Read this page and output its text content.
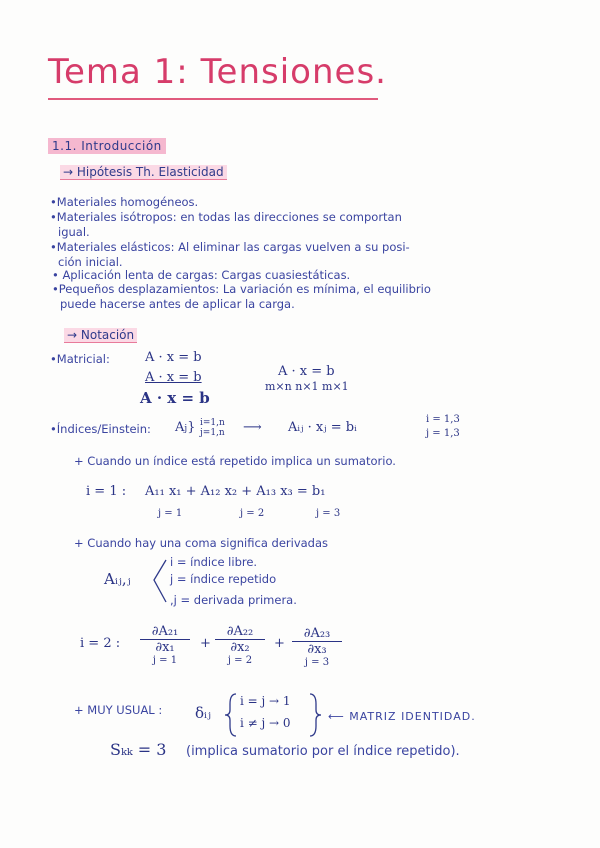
Tema 1: Tensiones.
1.1. Introducción
→ Hipótesis Th. Elasticidad
•Materiales homogéneos.
•Materiales isótropos: en todas las direcciones se comportan
igual.
•Materiales elásticos: Al eliminar las cargas vuelven a su posi-
ción inicial.
• Aplicación lenta de cargas: Cargas cuasiestáticas.
•Pequeños desplazamientos: La variación es mínima, el equilibrio
puede hacerse antes de aplicar la carga.
→ Notación
•Matricial:	A · x = b
A · x = b
A · x = b
A · x = b
m×n n×1 m×1
•Índices/Einstein: Aj} i=1,n j=1,n	⟶ Aᵢⱼ · xⱼ = bᵢ
i = 1,3
j = 1,3
+ Cuando un índice está repetido implica un sumatorio.
i = 1 : A₁₁ x₁ + A₁₂ x₂ + A₁₃ x₃ = b₁
j = 1	j = 2	j = 3
+ Cuando hay una coma significa derivadas
Aᵢⱼ,ⱼ
i = índice libre.
j = índice repetido
,j = derivada primera.
i = 2 :
∂A₂₁
∂x₁
j = 1
+
∂A₂₂
∂x₂
j = 2
+
∂A₂₃
∂x₃
j = 3
+ MUY USUAL : δᵢⱼ
i = j → 1
i ≠ j → 0	⟵ MATRIZ IDENTIDAD.
Sₖₖ = 3 (implica sumatorio por el índice repetido).
